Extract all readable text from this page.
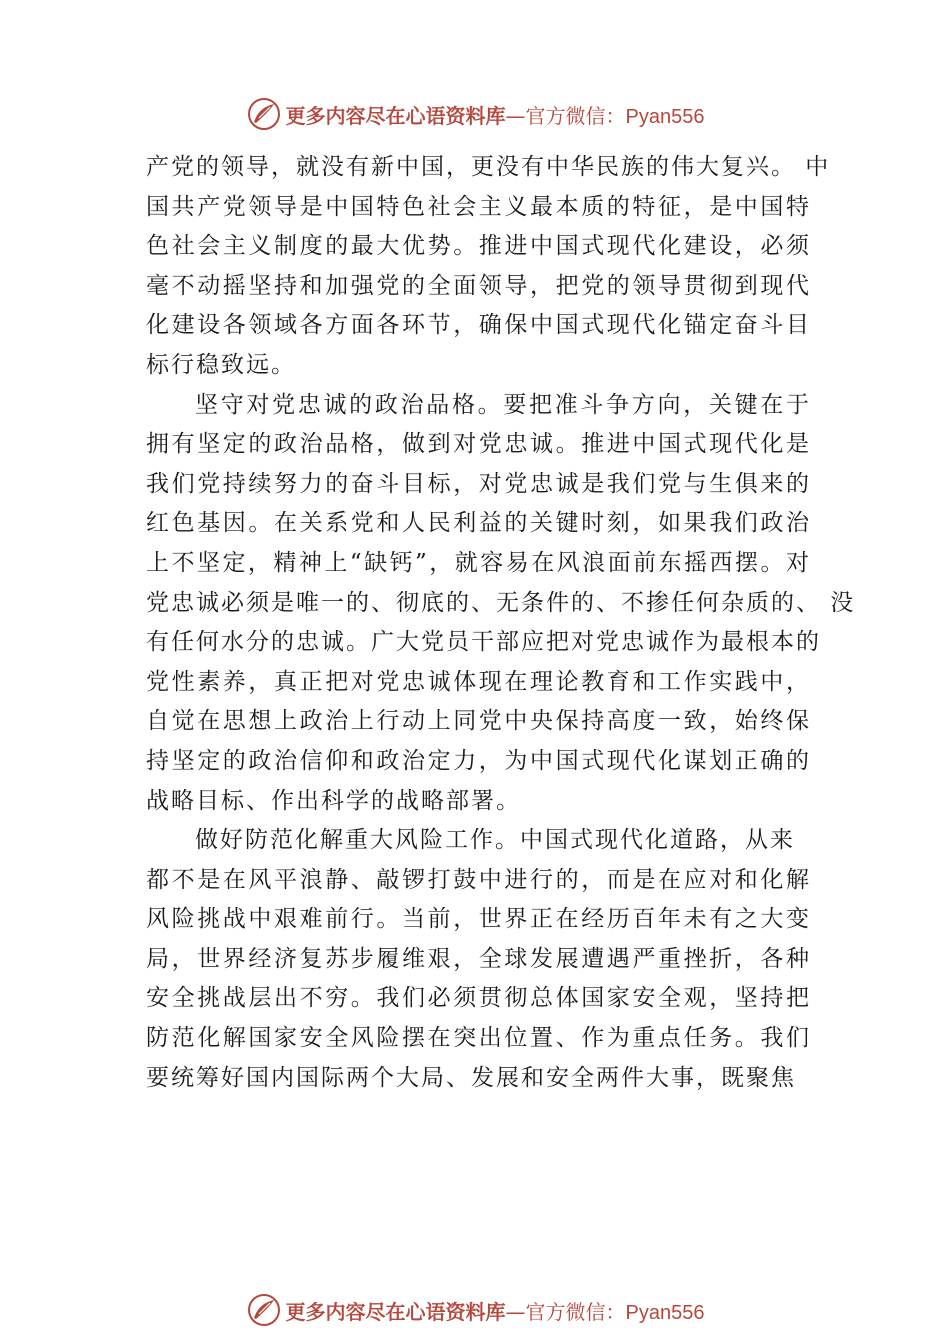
更多内容尽在心语资料库—官方微信：Pyan556
产党的领导，就没有新中国，更没有中华民族的伟大复兴。 中
国共产党领导是中国特色社会主义最本质的特征，是中国特
色社会主义制度的最大优势。推进中国式现代化建设，必须
毫不动摇坚持和加强党的全面领导，把党的领导贯彻到现代
化建设各领域各方面各环节，确保中国式现代化锚定奋斗目
标行稳致远。
坚守对党忠诚的政治品格。要把准斗争方向，关键在于
拥有坚定的政治品格，做到对党忠诚。推进中国式现代化是
我们党持续努力的奋斗目标，对党忠诚是我们党与生俱来的
红色基因。在关系党和人民利益的关键时刻，如果我们政治
上不坚定，精神上“缺钙”，就容易在风浪面前东摇西摆。对
党忠诚必须是唯一的、彻底的、无条件的、不掺任何杂质的、 没
有任何水分的忠诚。广大党员干部应把对党忠诚作为最根本的
党性素养，真正把对党忠诚体现在理论教育和工作实践中，
自觉在思想上政治上行动上同党中央保持高度一致，始终保
持坚定的政治信仰和政治定力，为中国式现代化谋划正确的
战略目标、作出科学的战略部署。
做好防范化解重大风险工作。中国式现代化道路，从来
都不是在风平浪静、敲锣打鼓中进行的，而是在应对和化解
风险挑战中艰难前行。当前，世界正在经历百年未有之大变
局，世界经济复苏步履维艰，全球发展遭遇严重挫折，各种
安全挑战层出不穷。我们必须贯彻总体国家安全观，坚持把
防范化解国家安全风险摆在突出位置、作为重点任务。我们
要统筹好国内国际两个大局、发展和安全两件大事，既聚焦
更多内容尽在心语资料库—官方微信：Pyan556
